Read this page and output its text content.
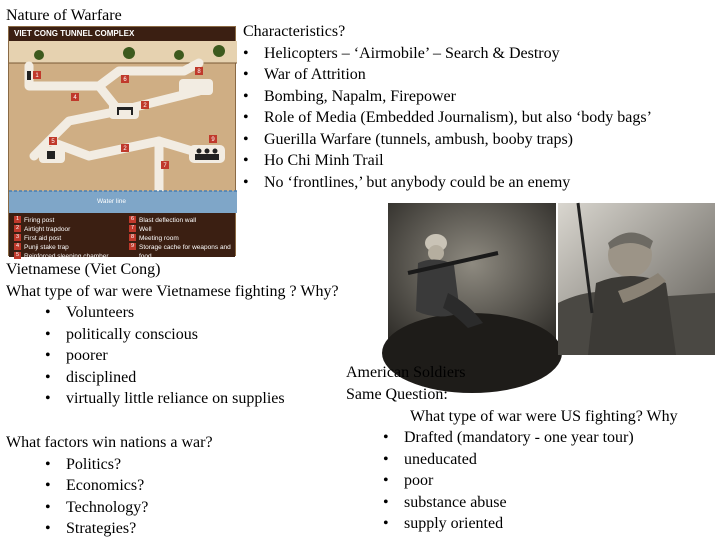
Nature of Warfare
VIET CONG TUNNEL COMPLEX
1
6
8
4
2
5
2
7
9
Water line
1 Firing post
2 Airtight trapdoor
3 First aid post
4 Punji stake trap
5 Reinforced sleeping chamber
6 Blast deflection wall
7 Well
8 Meeting room
9 Storage cache for weapons and food
Characteristics?
• Helicopters – ‘Airmobile’ – Search & Destroy
• War of Attrition
• Bombing, Napalm, Firepower
• Role of Media (Embedded Journalism), but also ‘body bags’
• Guerilla Warfare (tunnels, ambush, booby traps)
• Ho Chi Minh Trail
• No ‘frontlines,’ but anybody could be an enemy
Vietnamese (Viet Cong)
What type of war were Vietnamese fighting ? Why?
• Volunteers
• politically conscious
• poorer
• disciplined
• virtually little reliance on supplies
What factors win nations a war?
• Politics?
• Economics?
• Technology?
• Strategies?
American Soldiers
Same Question:
What type of war were US fighting? Why
• Drafted (mandatory - one year tour)
• uneducated
• poor
• substance abuse
• supply oriented
